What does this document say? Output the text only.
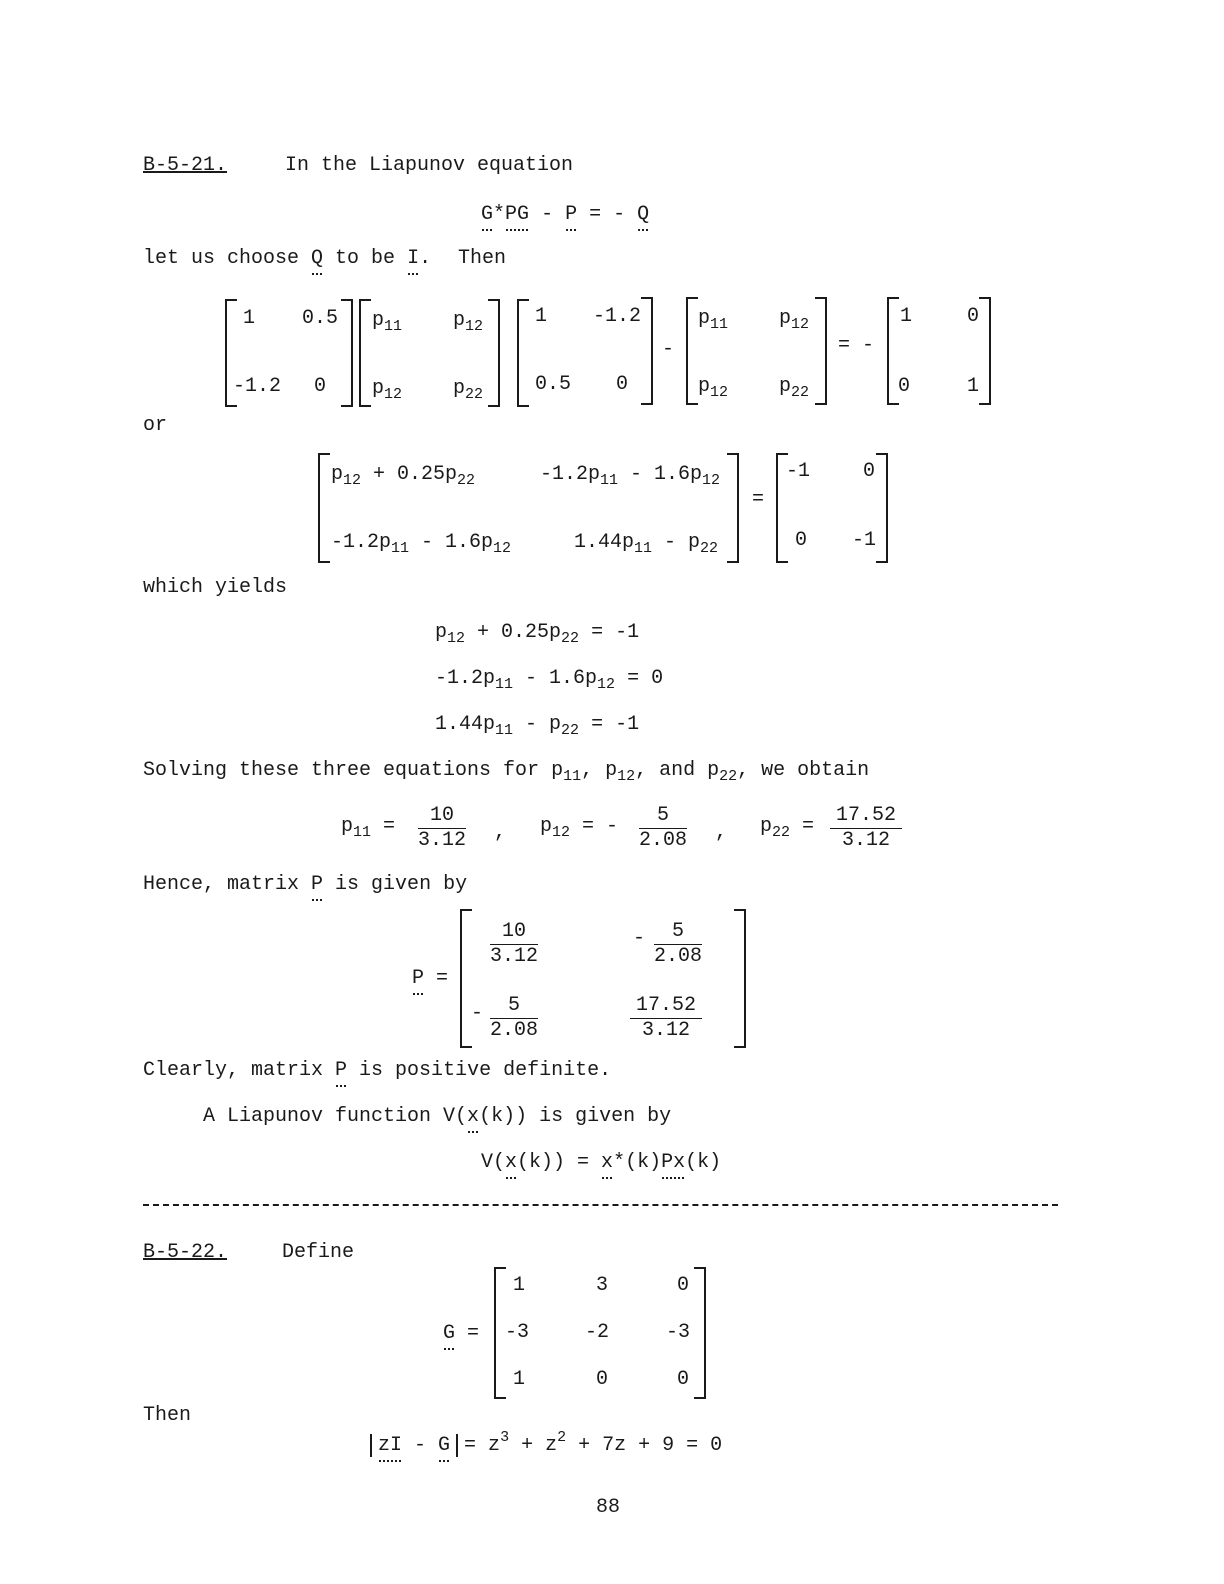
B-5-21.	In the Liapunov equation
G*PG - P = - Q
let us choose Q to be I. Then
1 0.5
-1.2 0
$p_{11}$	$p_{12}$
$p_{12}$	$p_{22}$
1 -1.2
0.5 0
-
$p_{11}$	$p_{12}$
$p_{12}$	$p_{22}$
= -
1	0
0	1
or
$p_{12} + 0.25p_{22}$	$-1.2p_{11} - 1.6p_{12}$
$-1.2p_{11} - 1.6p_{12}$	$1.44p_{11} - p_{22}$
=
-1	0
0 -1
which yields
$p_{12} + 0.25p_{22} = -1$
$-1.2p_{11} - 1.6p_{12} = 0$
$1.44p_{11} - p_{22} = -1$
Solving these three equations for $p_{11}$, $p_{12}$, and $p_{22}$, we obtain
$p_{11} = \frac{10}{3.12}$ , $p_{12}$ = - $\frac{5}{2.08}$ , $p_{22} = \frac{17.52}{3.12}$
Hence, matrix P is given by
P =
$\frac{10}{3.12}$	- $\frac{5}{2.08}$
- $\frac{5}{2.08}$	$\frac{17.52}{3.12}$
Clearly, matrix P is positive definite.
A Liapunov function V(x(k)) is given by
V(x(k)) = x*(k)Px(k)
B-5-22.	Define
G =
1	3	0
-3	-2	-3
1	0	0
Then
zI - $G = z^3 + z^2 + 7z + 9 = 0$
88
